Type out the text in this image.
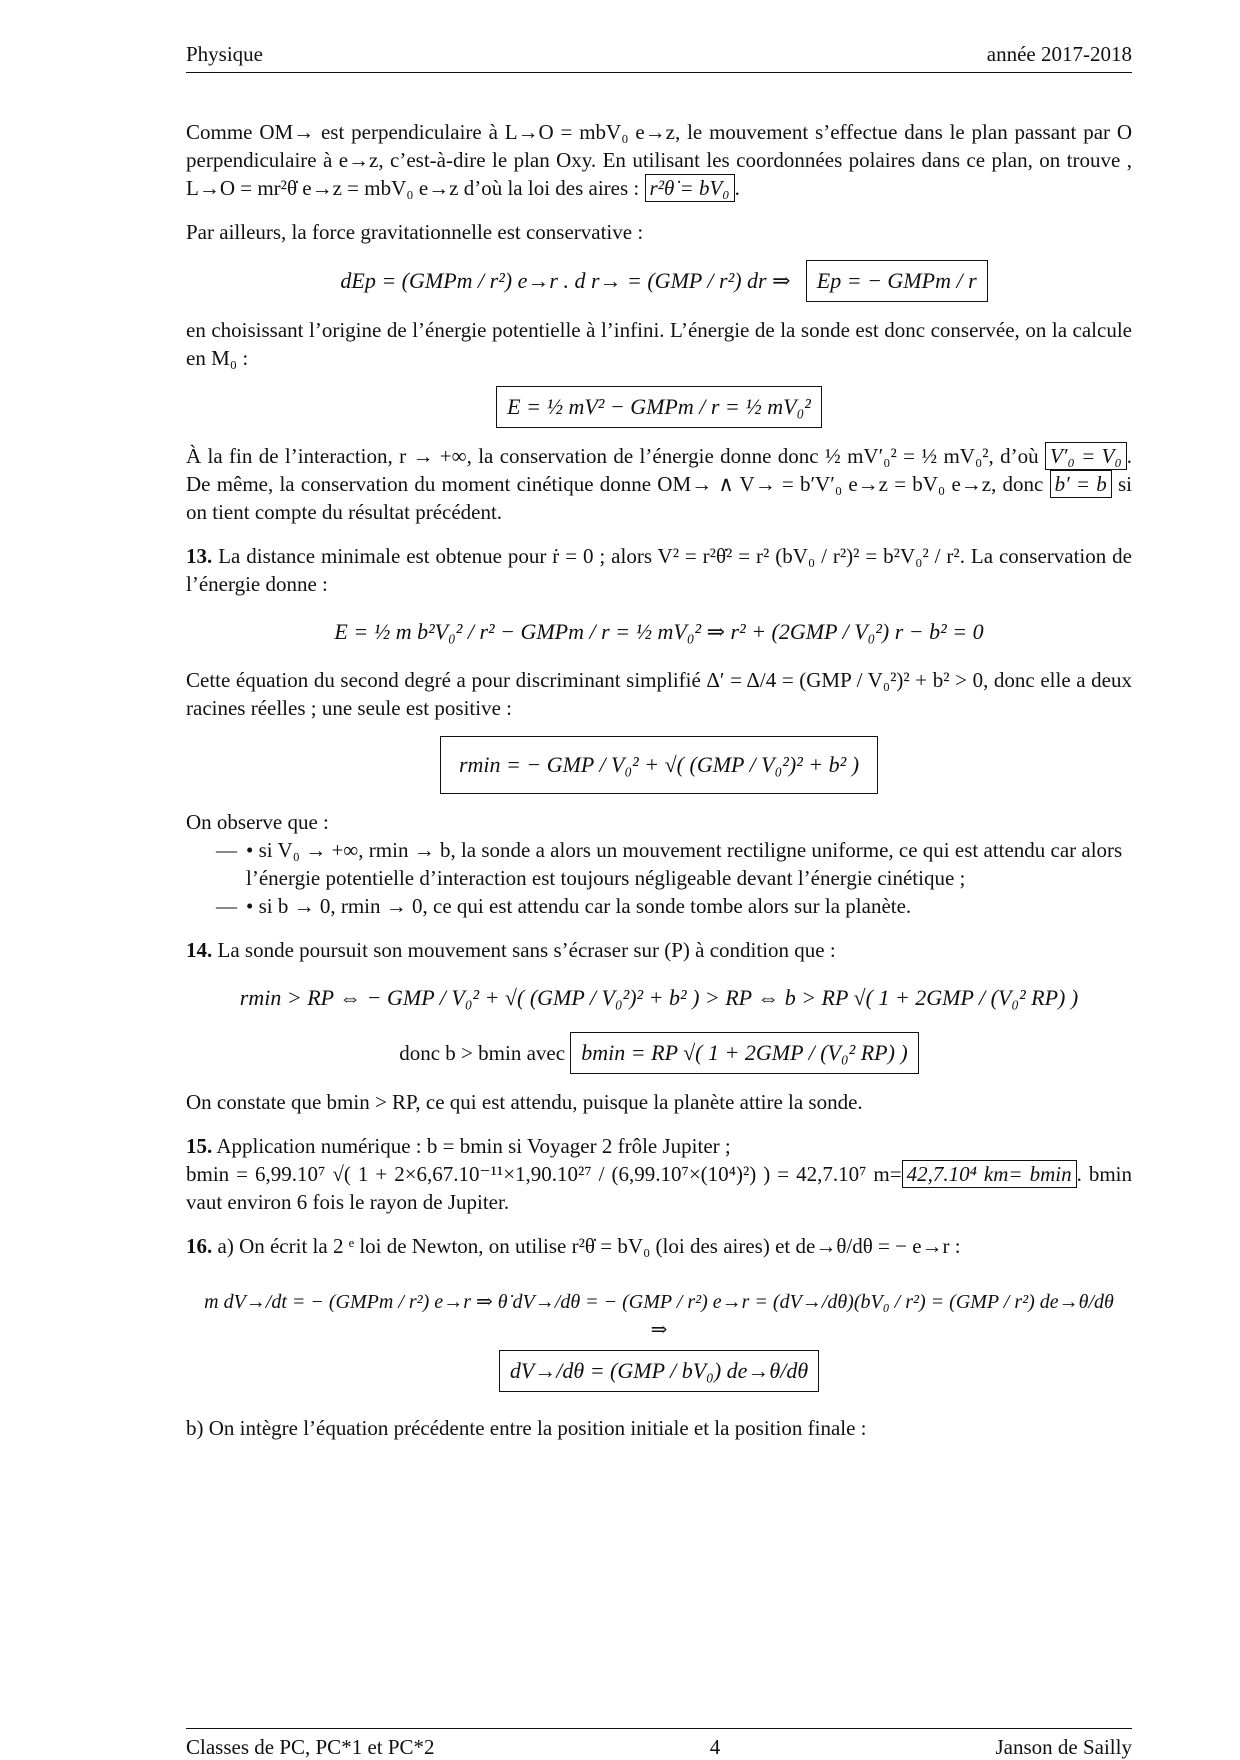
Physique	année 2017-2018

Comme OM→ est perpendiculaire à L→O = mbV₀ e→z, le mouvement s’effectue dans le plan passant par O perpendiculaire à e→z, c’est-à-dire le plan Oxy. En utilisant les coordonnées polaires dans ce plan, on trouve , L→O = mr²θ̇ e→z = mbV₀ e→z d’où la loi des aires : r²θ̇ = bV₀ .

Par ailleurs, la force gravitationnelle est conservative :

dEp = (GMPm / r²) e→r . d r→ = (GMP / r²) dr ⇒ Ep = − GMPm / r

en choisissant l’origine de l’énergie potentielle à l’infini. L’énergie de la sonde est donc conservée, on la calcule en M₀ :

E = ½ mV² − GMPm / r = ½ mV₀²

À la fin de l’interaction, r → +∞, la conservation de l’énergie donne donc ½ mV′₀² = ½ mV₀², d’où V′₀ = V₀ . De même, la conservation du moment cinétique donne OM→ ∧ V→ = b′V′₀ e→z = bV₀ e→z, donc b′ = b si on tient compte du résultat précédent.

13. La distance minimale est obtenue pour ṙ = 0 ; alors V² = r²θ̇² = r² (bV₀ / r²)² = b²V₀² / r². La conservation de l’énergie donne :

E = ½ m b²V₀² / r² − GMPm / r = ½ mV₀² ⇒ r² + (2GMP / V₀²) r − b² = 0

Cette équation du second degré a pour discriminant simplifié Δ′ = Δ/4 = (GMP / V₀²)² + b² > 0, donc elle a deux racines réelles ; une seule est positive :

rmin = − GMP / V₀² + √( (GMP / V₀²)² + b² )

On observe que :

— • si V₀ → +∞, rmin → b, la sonde a alors un mouvement rectiligne uniforme, ce qui est attendu car alors l’énergie potentielle d’interaction est toujours négligeable devant l’énergie cinétique ;
— • si b → 0, rmin → 0, ce qui est attendu car la sonde tombe alors sur la planète.

14. La sonde poursuit son mouvement sans s’écraser sur (P) à condition que :

rmin > RP ⇔ − GMP / V₀² + √( (GMP / V₀²)² + b² ) > RP ⇔ b > RP √( 1 + 2GMP / (V₀² RP) )
donc b > bmin avec bmin = RP √( 1 + 2GMP / (V₀² RP) )

On constate que bmin > RP, ce qui est attendu, puisque la planète attire la sonde.

15. Application numérique : b = bmin si Voyager 2 frôle Jupiter ;
bmin = 6,99.10⁷ √( 1 + 2×6,67.10⁻¹¹×1,90.10²⁷ / (6,99.10⁷×(10⁴)²) ) = 42,7.10⁷ m= 42,7.10⁴ km= bmin . bmin vaut environ 6 fois le rayon de Jupiter.

16. a) On écrit la 2 ᵉ loi de Newton, on utilise r²θ̇ = bV₀ (loi des aires) et de→θ/dθ = − e→r :

m dV→/dt = − (GMPm / r²) e→r ⇒ θ̇ dV→/dθ = − (GMP / r²) e→r = (dV→/dθ)(bV₀ / r²) = (GMP / r²) de→θ/dθ ⇒ dV→/dθ = (GMP / bV₀) de→θ/dθ

b) On intègre l’équation précédente entre la position initiale et la position finale :

Classes de PC, PC*1 et PC*2	4	Janson de Sailly
